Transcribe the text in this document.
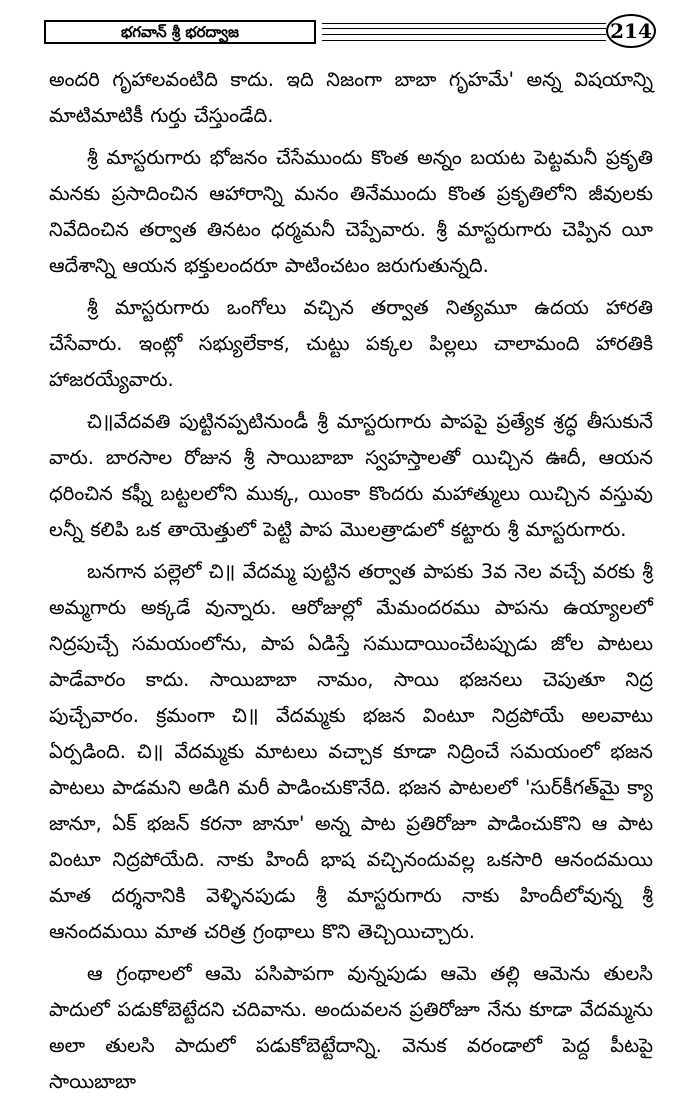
భగవాన్ శ్రీ భరద్వాజ	214

అందరి గృహాలవంటిది కాదు. ఇది నిజంగా బాబా గృహమే' అన్న విషయాన్ని మాటిమాటికీ గుర్తు చేస్తుండేది.

శ్రీ మాస్టరుగారు భోజనం చేసేముందు కొంత అన్నం బయట పెట్టమనీ ప్రకృతి మనకు ప్రసాదించిన ఆహారాన్ని మనం తినేముందు కొంత ప్రకృతిలోని జీవులకు నివేదించిన తర్వాత తినటం ధర్మమనీ చెప్పేవారు. శ్రీ మాస్టరుగారు చెప్పిన యీ ఆదేశాన్ని ఆయన భక్తులందరూ పాటించటం జరుగుతున్నది.

శ్రీ మాస్టరుగారు ఒంగోలు వచ్చిన తర్వాత నిత్యమూ ఉదయ హారతి చేసేవారు. ఇంట్లో సభ్యులేకాక, చుట్టు పక్కల పిల్లలు చాలామంది హారతికి హాజరయ్యేవారు.

చి॥వేదవతి పుట్టినప్పటినుండీ శ్రీ మాస్టరుగారు పాపపై ప్రత్యేక శ్రద్ధ తీసుకునే వారు. బారసాల రోజున శ్రీ సాయిబాబా స్వహస్తాలతో యిచ్చిన ఊదీ, ఆయన ధరించిన కఫ్నీ బట్టలలోని ముక్క, యింకా కొందరు మహాత్ములు యిచ్చిన వస్తువు లన్నీ కలిపి ఒక తాయెత్తులో పెట్టి పాప మొలత్రాడులో కట్టారు శ్రీ మాస్టరుగారు.

బనగాన పల్లెలో చి॥ వేదమ్మ పుట్టిన తర్వాత పాపకు 3వ నెల వచ్చే వరకు శ్రీ అమ్మగారు అక్కడే వున్నారు. ఆరోజుల్లో మేమందరము పాపను ఉయ్యాలలో నిద్రపుచ్చే సమయంలోను, పాప ఏడిస్తే సముదాయించేటప్పుడు జోల పాటలు పాడేవారం కాదు. సాయిబాబా నామం, సాయి భజనలు చెపుతూ నిద్ర పుచ్చేవారం. క్రమంగా చి॥ వేదమ్మకు భజన వింటూ నిద్రపోయే అలవాటు ఏర్పడింది. చి॥ వేదమ్మకు మాటలు వచ్చాక కూడా నిద్రించే సమయంలో భజన పాటలు పాడమని అడిగి మరీ పాడించుకొనేది. భజన పాటలలో 'సుర్‌కీగత్‌మై క్యా జానూ, ఏక్ భజన్ కరనా జానూ' అన్న పాట ప్రతిరోజూ పాడించుకొని ఆ పాట వింటూ నిద్రపోయేది. నాకు హిందీ భాష వచ్చినందువల్ల ఒకసారి ఆనందమయి మాత దర్శనానికి వెళ్ళినపుడు శ్రీ మాస్టరుగారు నాకు హిందీలోవున్న శ్రీ ఆనందమయి మాత చరిత్ర గ్రంథాలు కొని తెచ్చియిచ్చారు.

ఆ గ్రంథాలలో ఆమె పసిపాపగా వున్నపుడు ఆమె తల్లి ఆమెను తులసి పాదులో పడుకోబెట్టేదని చదివాను. అందువలన ప్రతిరోజూ నేను కూడా వేదమ్మను అలా తులసి పాదులో పడుకోబెట్టేదాన్ని. వెనుక వరండాలో పెద్ద పీటపై సాయిబాబా
